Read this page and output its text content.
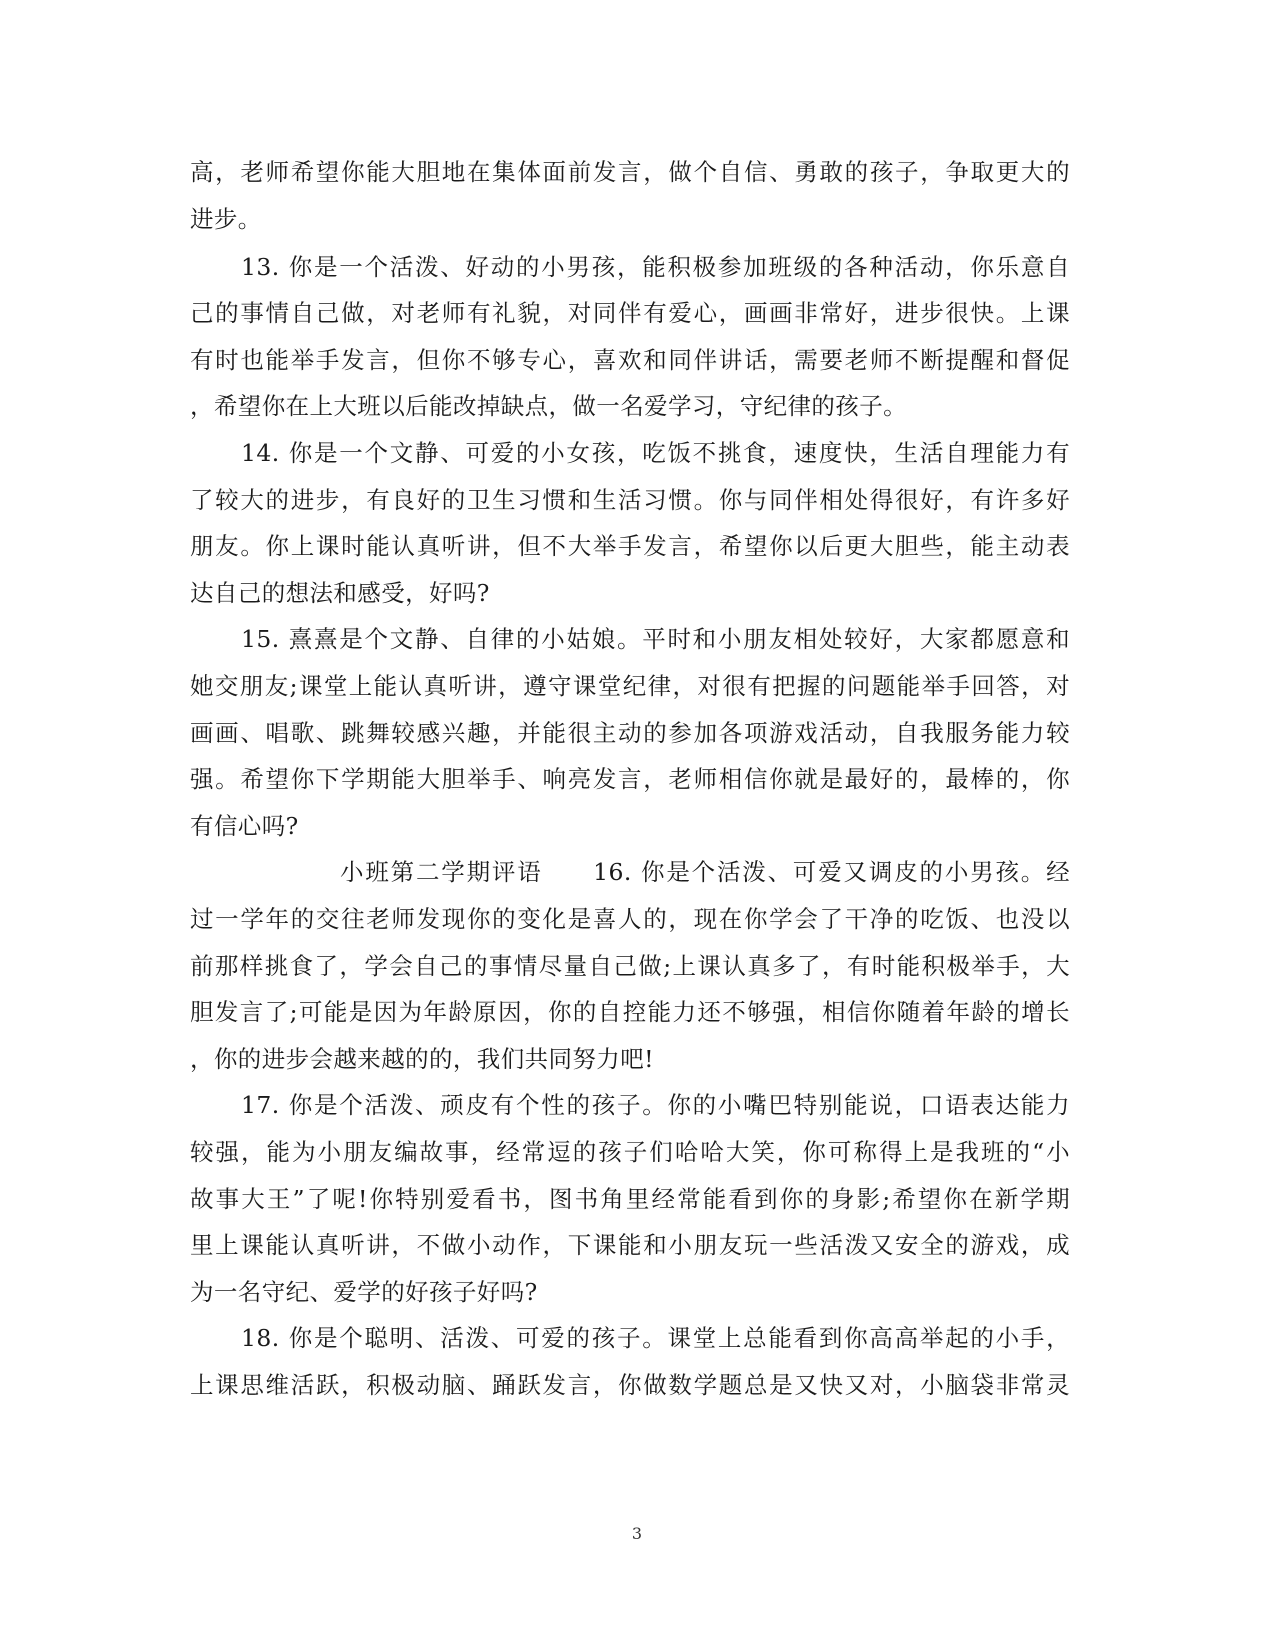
高，老师希望你能大胆地在集体面前发言，做个自信、勇敢的孩子，争取更大的
进步。
13. 你是一个活泼、好动的小男孩，能积极参加班级的各种活动，你乐意自
己的事情自己做，对老师有礼貌，对同伴有爱心，画画非常好，进步很快。上课
有时也能举手发言，但你不够专心，喜欢和同伴讲话，需要老师不断提醒和督促
，希望你在上大班以后能改掉缺点，做一名爱学习，守纪律的孩子。
14. 你是一个文静、可爱的小女孩，吃饭不挑食，速度快，生活自理能力有
了较大的进步，有良好的卫生习惯和生活习惯。你与同伴相处得很好，有许多好
朋友。你上课时能认真听讲，但不大举手发言，希望你以后更大胆些，能主动表
达自己的想法和感受，好吗?
15. 熹熹是个文静、自律的小姑娘。平时和小朋友相处较好，大家都愿意和
她交朋友;课堂上能认真听讲，遵守课堂纪律，对很有把握的问题能举手回答，对
画画、唱歌、跳舞较感兴趣，并能很主动的参加各项游戏活动，自我服务能力较
强。希望你下学期能大胆举手、响亮发言，老师相信你就是最好的，最棒的，你
有信心吗?
小班第二学期评语　　16. 你是个活泼、可爱又调皮的小男孩。经
过一学年的交往老师发现你的变化是喜人的，现在你学会了干净的吃饭、也没以
前那样挑食了，学会自己的事情尽量自己做;上课认真多了，有时能积极举手，大
胆发言了;可能是因为年龄原因，你的自控能力还不够强，相信你随着年龄的增长
，你的进步会越来越的的，我们共同努力吧!
17. 你是个活泼、顽皮有个性的孩子。你的小嘴巴特别能说，口语表达能力
较强，能为小朋友编故事，经常逗的孩子们哈哈大笑，你可称得上是我班的“小
故事大王”了呢!你特别爱看书，图书角里经常能看到你的身影;希望你在新学期
里上课能认真听讲，不做小动作，下课能和小朋友玩一些活泼又安全的游戏，成
为一名守纪、爱学的好孩子好吗?
18. 你是个聪明、活泼、可爱的孩子。课堂上总能看到你高高举起的小手，
上课思维活跃，积极动脑、踊跃发言，你做数学题总是又快又对，小脑袋非常灵
3
